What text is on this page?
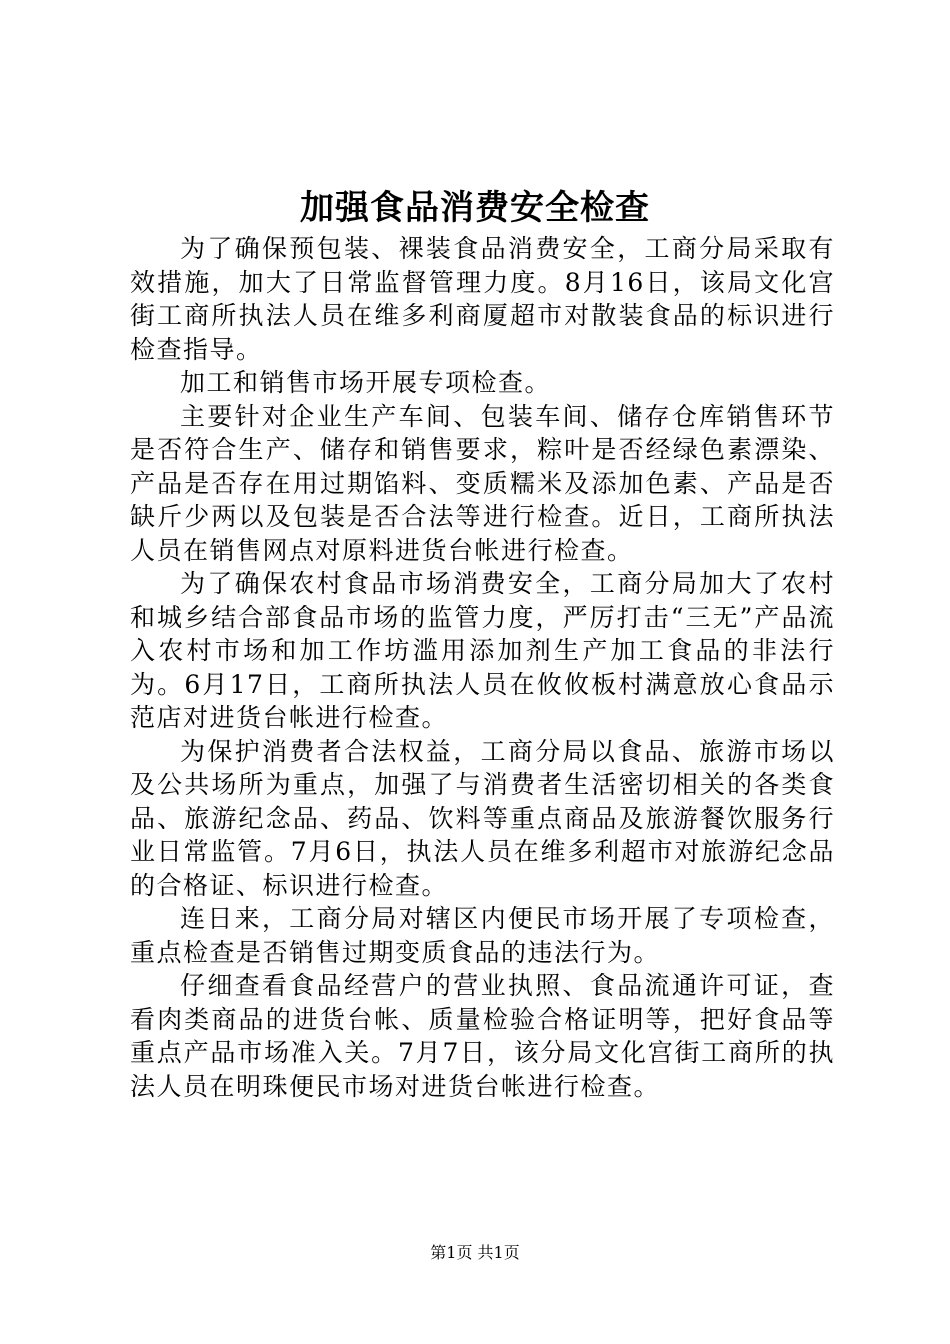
加强食品消费安全检查

为了确保预包装、裸装食品消费安全，工商分局采取有效措施，加大了日常监督管理力度。8月16日，该局文化宫街工商所执法人员在维多利商厦超市对散装食品的标识进行检查指导。

加工和销售市场开展专项检查。

主要针对企业生产车间、包装车间、储存仓库销售环节是否符合生产、储存和销售要求，粽叶是否经绿色素漂染、产品是否存在用过期馅料、变质糯米及添加色素、产品是否缺斤少两以及包装是否合法等进行检查。近日，工商所执法人员在销售网点对原料进货台帐进行检查。

为了确保农村食品市场消费安全，工商分局加大了农村和城乡结合部食品市场的监管力度，严厉打击“三无”产品流入农村市场和加工作坊滥用添加剂生产加工食品的非法行为。6月17日，工商所执法人员在攸攸板村满意放心食品示范店对进货台帐进行检查。

为保护消费者合法权益，工商分局以食品、旅游市场以及公共场所为重点，加强了与消费者生活密切相关的各类食品、旅游纪念品、药品、饮料等重点商品及旅游餐饮服务行业日常监管。7月6日，执法人员在维多利超市对旅游纪念品的合格证、标识进行检查。

连日来，工商分局对辖区内便民市场开展了专项检查，重点检查是否销售过期变质食品的违法行为。

仔细查看食品经营户的营业执照、食品流通许可证，查看肉类商品的进货台帐、质量检验合格证明等，把好食品等重点产品市场准入关。7月7日，该分局文化宫街工商所的执法人员在明珠便民市场对进货台帐进行检查。

第1页 共1页
